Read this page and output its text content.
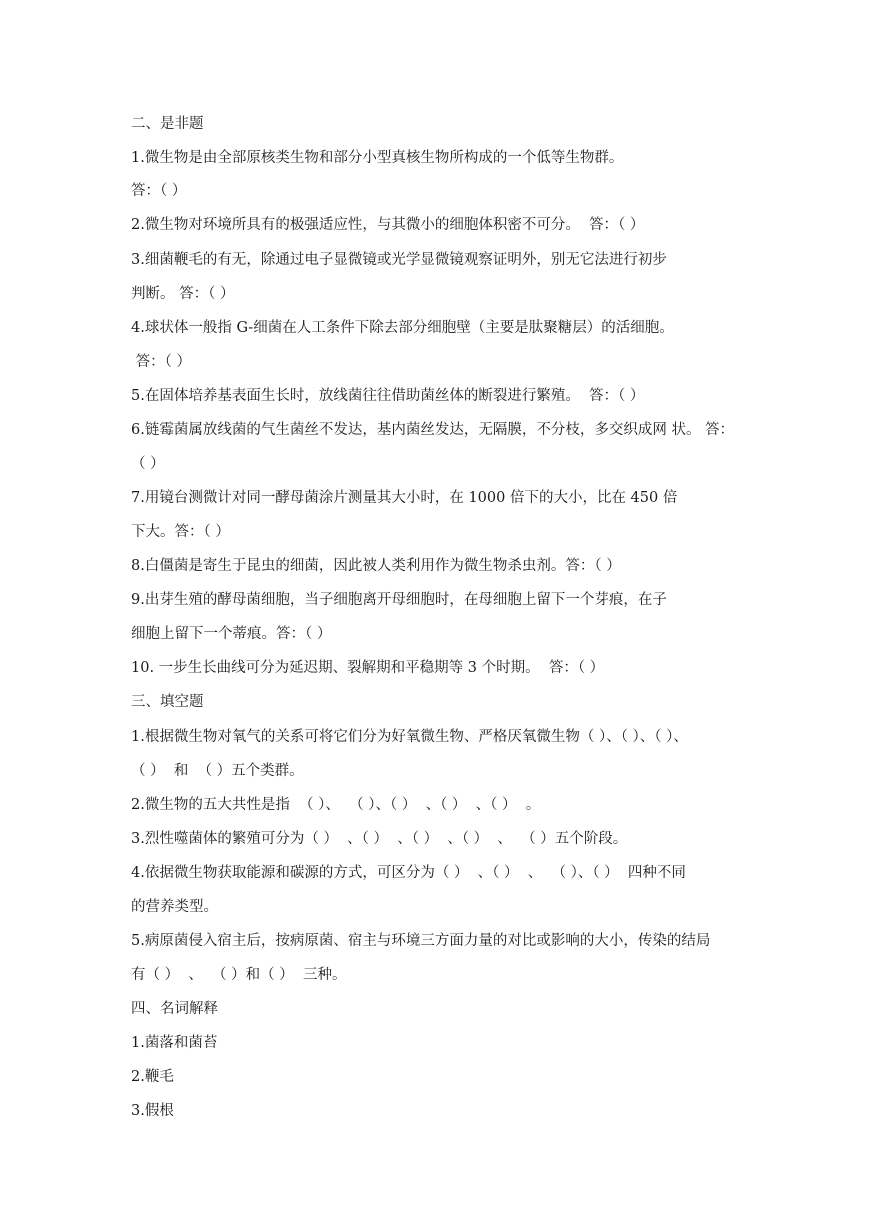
二、是非题
1.微生物是由全部原核类生物和部分小型真核生物所构成的一个低等生物群。
答：（ ）
2.微生物对环境所具有的极强适应性，与其微小的细胞体积密不可分。  答：（ ）
3.细菌鞭毛的有无，除通过电子显微镜或光学显微镜观察证明外，别无它法进行初步
判断。 答：（ ）
4.球状体一般指 G-细菌在人工条件下除去部分细胞壁（主要是肽聚糖层）的活细胞。
答：（ ）
5.在固体培养基表面生长时，放线菌往往借助菌丝体的断裂进行繁殖。  答：（ ）
6.链霉菌属放线菌的气生菌丝不发达，基内菌丝发达，无隔膜，不分枝，多交织成网 状。 答：
（ ）
7.用镜台测微计对同一酵母菌涂片测量其大小时，在 1000 倍下的大小，比在 450 倍
下大。答：（ ）
8.白僵菌是寄生于昆虫的细菌，因此被人类利用作为微生物杀虫剂。答：（ ）
9.出芽生殖的酵母菌细胞，当子细胞离开母细胞时，在母细胞上留下一个芽痕，在子
细胞上留下一个蒂痕。答：（ ）
10. 一步生长曲线可分为延迟期、裂解期和平稳期等 3 个时期。  答：（ ）
三、填空题
1.根据微生物对氧气的关系可将它们分为好氧微生物、严格厌氧微生物（ ）、（ ）、（ ）、
（ ）  和  （ ）五个类群。
2.微生物的五大共性是指  （ ）、  （ ）、（ ）  、（ ）  、（ ）  。
3.烈性噬菌体的繁殖可分为（ ）  、（ ）  、（ ）  、（ ）  、  （ ）五个阶段。
4.依据微生物获取能源和碳源的方式，可区分为（ ）  、（ ）  、  （ ）、（ ）  四种不同
的营养类型。
5.病原菌侵入宿主后，按病原菌、宿主与环境三方面力量的对比或影响的大小，传染的结局
有（ ）  、  （ ）和（ ）  三种。
四、名词解释
1.菌落和菌苔
2.鞭毛
3.假根
